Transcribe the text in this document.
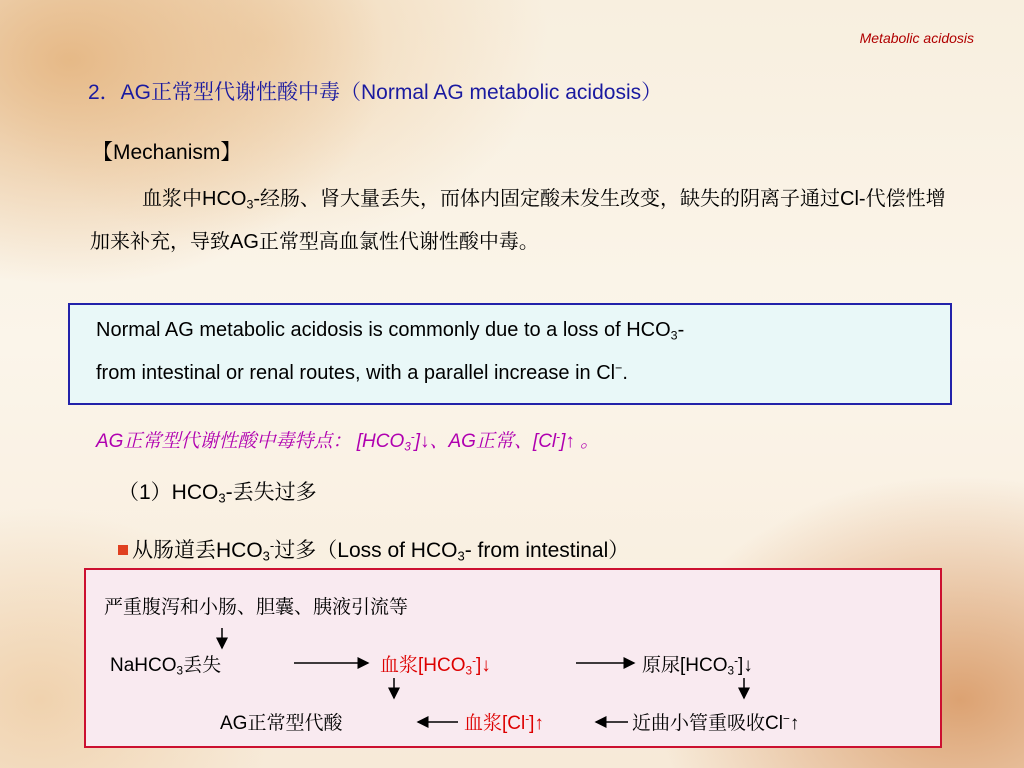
Metabolic acidosis
2．AG正常型代谢性酸中毒（Normal AG metabolic acidosis）
【Mechanism】
血浆中$HCO_3-$经肠、肾大量丢失，而体内固定酸未发生改变，缺失的阴离子通过Cl-代偿性增加来补充，导致AG正常型高血氯性代谢性酸中毒。
Normal AG metabolic acidosis is commonly due to a loss of $HCO_3-$
from intestinal or renal routes, with a parallel increase in Cl−.
AG正常型代谢性酸中毒特点： $[HCO_3^-]↓$、AG正常、[Cl-]↑ 。
$(1)HCO_3-$丢失过多
从肠道丢$HCO_3^-$过多（Loss of $HCO_3-$ from intestinal）
严重腹泻和小肠、胆囊、胰液引流等
NaHCO$_3$丢失	血浆$[HCO_3^-]↓$	原尿$[HCO_3^-]↓$
AG正常型代酸	血浆[Cl-]↑	近曲小管重吸收Cl−↑
